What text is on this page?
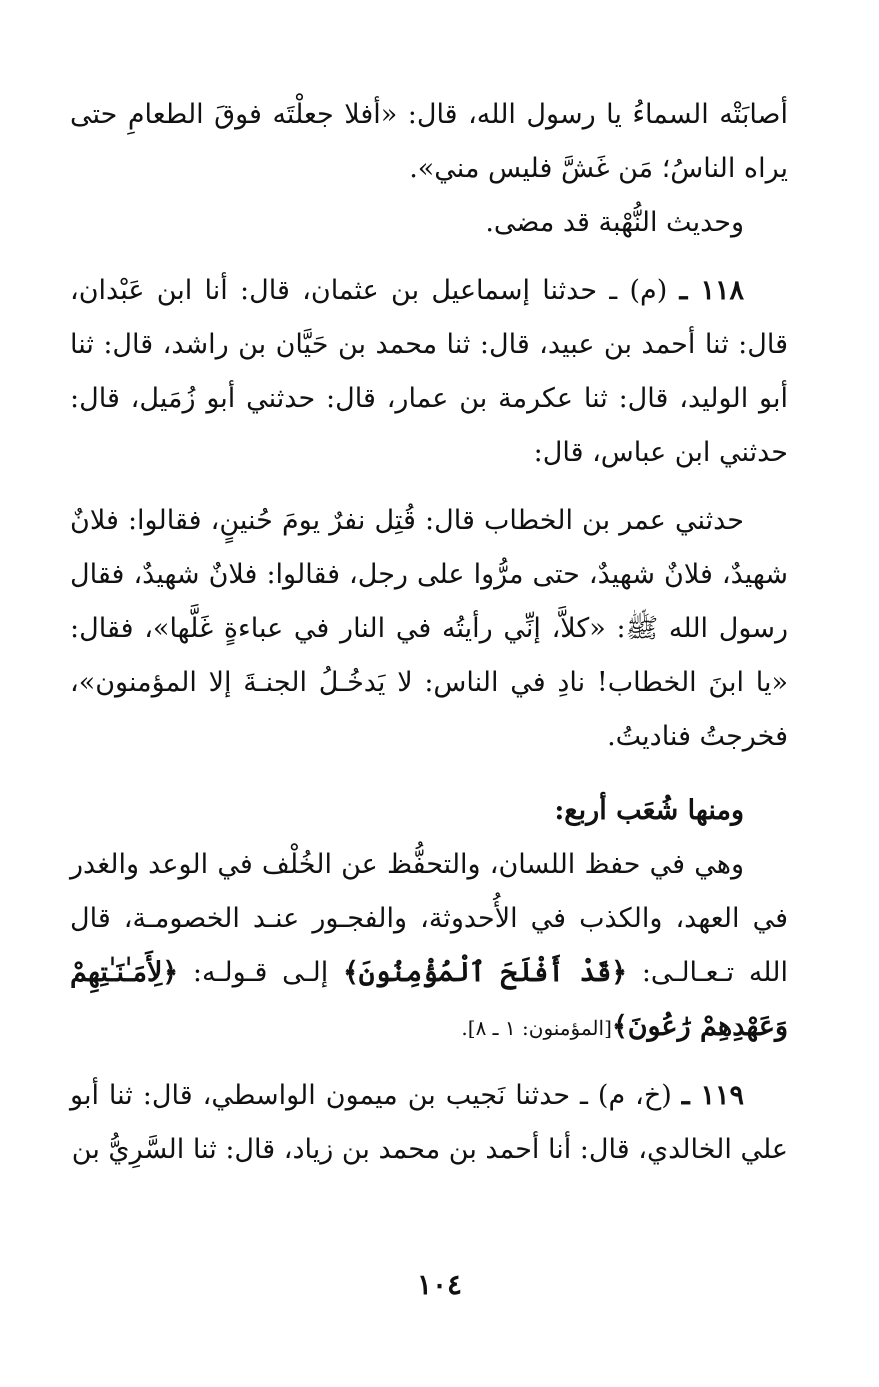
أصابَتْه السماءُ يا رسول الله، قال: «أفلا جعلْتَه فوقَ الطعامِ حتى يراه الناسُ؛ مَن غَشَّ فليس مني».

وحديث النُّهْبة قد مضى.

١١٨ ـ (م) ـ حدثنا إسماعيل بن عثمان، قال: أنا ابن عَبْدان، قال: ثنا أحمد بن عبيد، قال: ثنا محمد بن حَيَّان بن راشد، قال: ثنا أبو الوليد، قال: ثنا عكرمة بن عمار، قال: حدثني أبو زُمَيل، قال: حدثني ابن عباس، قال:

حدثني عمر بن الخطاب قال: قُتِل نفرٌ يومَ حُنينٍ، فقالوا: فلانٌ شهيدٌ، فلانٌ شهيدٌ، حتى مرُّوا على رجل، فقالوا: فلانٌ شهيدٌ، فقال رسول الله ﷺ: «كلاَّ، إنِّي رأيتُه في النار في عباءةٍ غَلَّها»، فقال: «يا ابنَ الخطاب! نادِ في الناس: لا يَدخُـلُ الجنـةَ إلا المؤمنون»، فخرجتُ فناديتُ.

ومنها شُعَب أربع:

وهي في حفظ اللسان، والتحفُّظ عن الخُلْف في الوعد والغدر في العهد، والكذب في الأُحدوثة، والفجـور عنـد الخصومـة، قال الله تـعـالـى: ﴿قَدْ أَفْلَحَ ٱلْمُؤْمِنُونَ﴾ إلـى قـولـه: ﴿لِأَمَـٰنَـٰتِهِمْ وَعَهْدِهِمْ رَٰعُونَ﴾[المؤمنون: ١ ـ ٨].

١١٩ ـ (خ، م) ـ حدثنا نَجيب بن ميمون الواسطي، قال: ثنا أبو علي الخالدي، قال: أنا أحمد بن محمد بن زياد، قال: ثنا السَّرِيُّ بن

١٠٤
